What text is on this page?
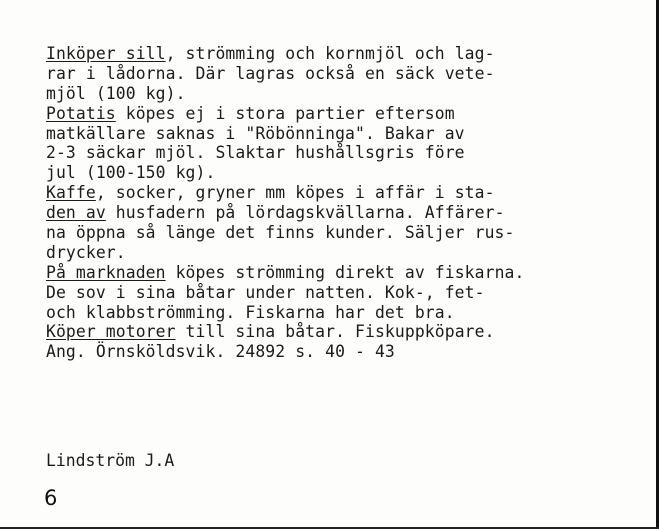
Inköper sill, strömming och kornmjöl och lag-
rar i lådorna. Där lagras också en säck vete-
mjöl (100 kg).
Potatis köpes ej i stora partier eftersom
matkällare saknas i "Röbönninga". Bakar av
2-3 säckar mjöl. Slaktar hushållsgris före
jul (100-150 kg).
Kaffe, socker, gryner mm köpes i affär i sta-
den av husfadern på lördagskvällarna. Affärer-
na öppna så länge det finns kunder. Säljer rus-
drycker.
På marknaden köpes strömming direkt av fiskarna.
De sov i sina båtar under natten. Kok-, fet-
och klabbströmming. Fiskarna har det bra.
Köper motorer till sina båtar. Fiskuppköpare.
Ang. Örnsköldsvik. 24892 s. 40 - 43
Lindström J.A
6
